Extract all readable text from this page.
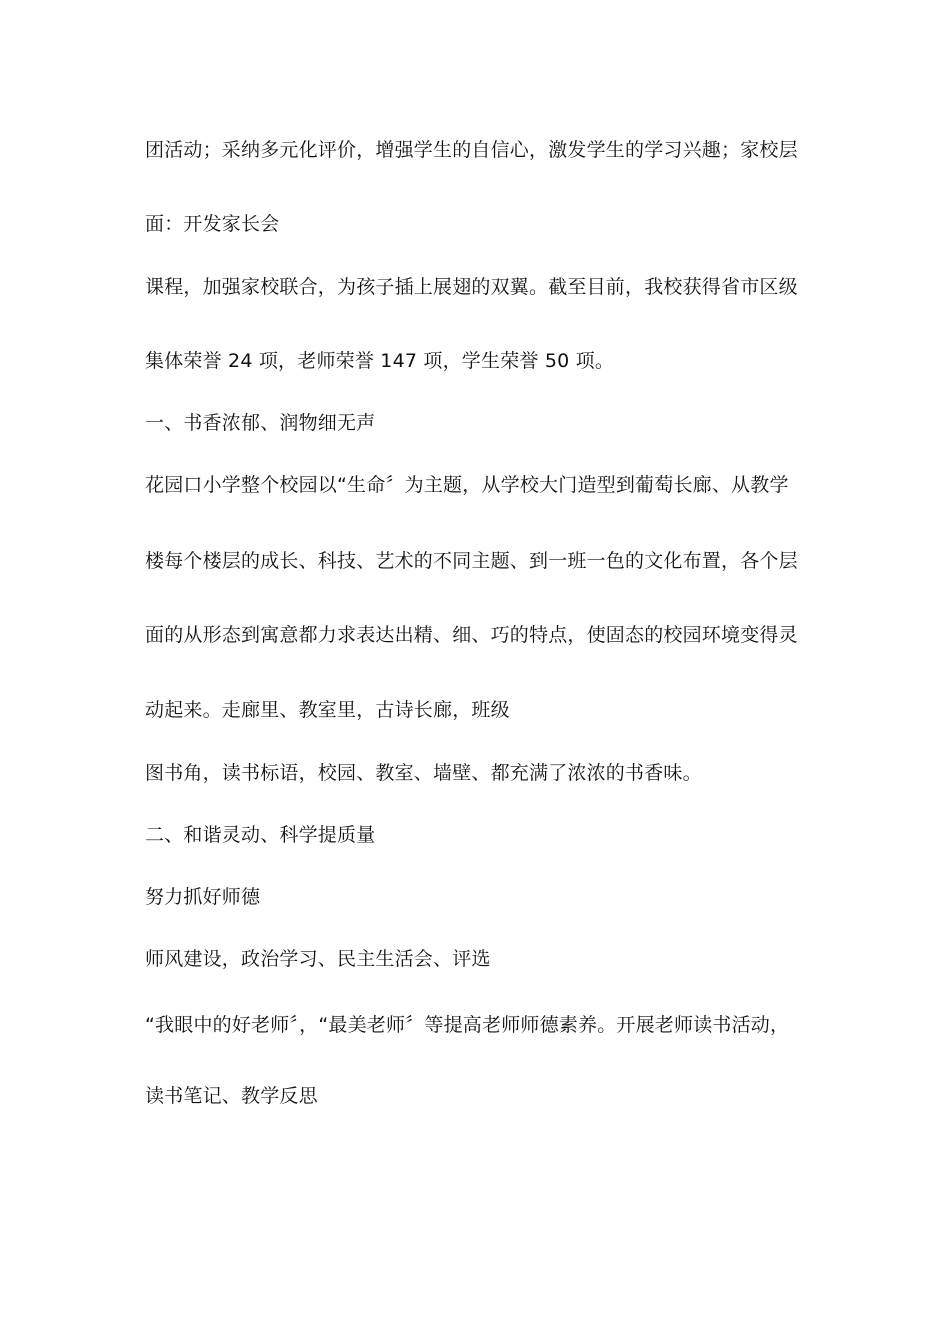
团活动；采纳多元化评价，增强学生的自信心，激发学生的学习兴趣；家校层
面：开发家长会
课程，加强家校联合，为孩子插上展翅的双翼。截至目前，我校获得省市区级
集体荣誉 24 项，老师荣誉 147 项，学生荣誉 50 项。
一、书香浓郁、润物细无声
花园口小学整个校园以“生命〞为主题，从学校大门造型到葡萄长廊、从教学
楼每个楼层的成长、科技、艺术的不同主题、到一班一色的文化布置，各个层
面的从形态到寓意都力求表达出精、细、巧的特点，使固态的校园环境变得灵
动起来。走廊里、教室里，古诗长廊，班级
图书角，读书标语，校园、教室、墙壁、都充满了浓浓的书香味。
二、和谐灵动、科学提质量
努力抓好师德
师风建设，政治学习、民主生活会、评选
“我眼中的好老师〞，“最美老师〞等提高老师师德素养。开展老师读书活动，
读书笔记、教学反思
